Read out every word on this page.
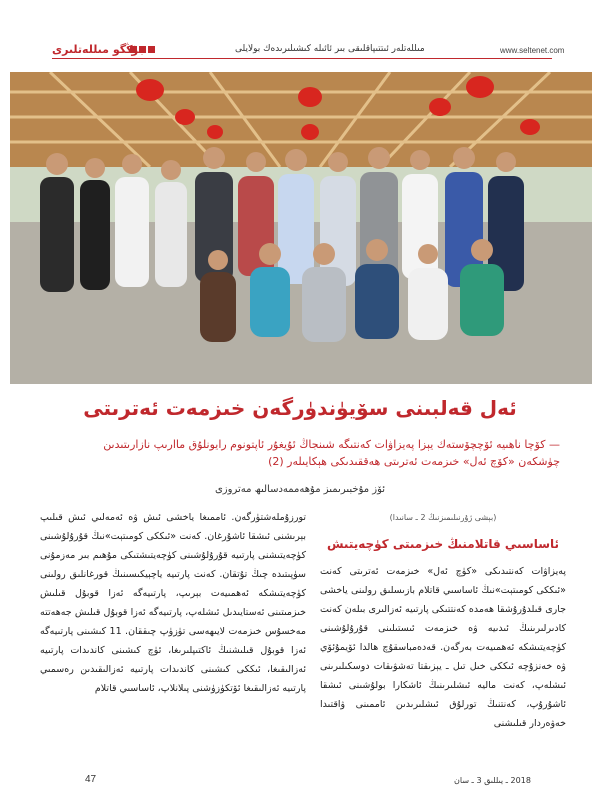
www.seltenet.com
مىللەتلەر ئىتتىپاقلىقى بىر ئائىلە كىشىلىرىدەك بولايلى
جۇڭگو مىللەتلىرى
ئەل قەلبىنى سۆيۈندۈرگەن خىزمەت ئەترىتى
— كۆچا ناھىيە ئۆچچۆستەك يېزا پەيزاۋات كەنتىگە شىنجاڭ ئۇيغۇر ئاپتونوم رايونلۇق ماارىپ نازارىتىدىن
چۈشكەن «كۆچ ئەل» خىزمەت ئەترىتى ھەققىدىكى ھېكايىلەر (2)
ئۆز مۇخبىرىمىز مۇھەممەدسالىھ مەتروزى
(بېشى ژۇرنىلىمىزنىڭ 2 ـ سانىدا)
ئاساسىي قاتلامنىڭ خىزمىتى كۈچەيتىش

پەيزاۋات كەنتىدىكى «كۈچ ئەل» خىزمەت ئەترىتى كەنت «ئىككى كومىتېت»نىڭ ئاساسىي قاتلام بازىسلىق رولىنى ياخشى جارى قىلدۇرۇشقا ھەمدە كەنتتىكى پارتىيە ئەزالىرى بىلەن كەنت كادىرلىرىنىڭ ئىدىيە ۋە خىزمەت ئىستىلىنى قۇرۇلۇشىنى كۈچەيتىشكە ئەھمىيەت بەرگەن. قەدەمباسقۇچ ھالدا ئۆيمۇئۆي ۋە خەنزۇچە ئىككى خىل تىل ـ يېزىقتا تەشۋىقات دوسكىلىرىنى ئىشلەپ، كەنت ماليە ئىشلىرىنىڭ ئاشكارا بولۇشىنى ئىشقا ئاشۇرۇپ، كەنتنىڭ تورلۇق ئىشلىرىدىن ئاممىنى ۋاقتىدا خەۋەردار قىلىشنى

تورزۇملەشتۈرگەن. ئاممىغا ياخشى ئىش ۋە ئەمەلىي ئىش قىلىپ بېرىشنى ئىشقا ئاشۇرغان. كەنت «ئىككى كومىتېت»نىڭ قۇرۇلۇشىنى كۈچەيتىشنى پارتىيە قۇرۇلۇشىنى كۈچەيتىشتىكى مۇھىم بىر مەزمۇنى سۈپىتىدە چىڭ تۇتقان. كەنت پارتىيە ياچېيكىسىنىڭ قورغانلىق رولىنى كۈچەيتىشكە ئەھمىيەت بېرىپ، پارتىيەگە ئەزا قوبۇل قىلىش خىزمىتىنى ئەستايىدىل ئىشلەپ، پارتىيەگە ئەزا قوبۇل قىلىش جەھەتتە مەخسۇس خىزمەت لايىھەسى تۈزۈپ چىققان. 11 كىشىنى پارتىيەگە ئەزا قوبۇل قىلىشنىڭ ئاكتىپلىرىغا، ئۈچ كىشىنى كاندىدات پارتىيە ئەزالىقىغا، ئىككى كىشىنى كاندىدات پارتىيە ئەزالىقىدىن رەسمىي پارتىيە ئەزالىقىغا ئۆتكۈزۈشنى پىلانلاپ، ئاساسىي قاتلام

47	2018 ـ يىللىق 3 ـ سان
